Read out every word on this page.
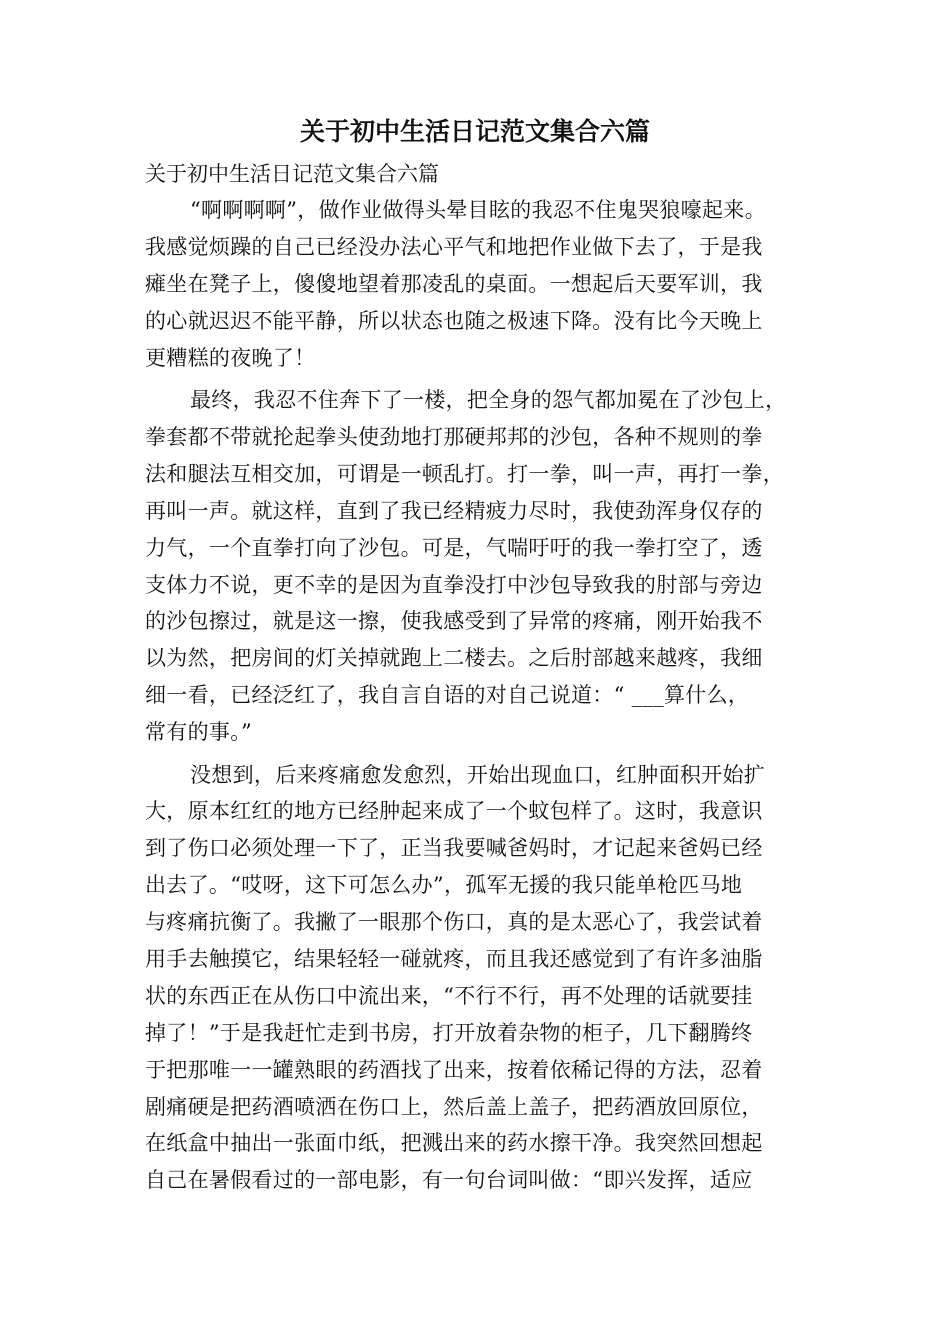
关于初中生活日记范文集合六篇
关于初中生活日记范文集合六篇
“啊啊啊啊”，做作业做得头晕目眩的我忍不住鬼哭狼嚎起来。
我感觉烦躁的自己已经没办法心平气和地把作业做下去了，于是我
瘫坐在凳子上，傻傻地望着那凌乱的桌面。一想起后天要军训，我
的心就迟迟不能平静，所以状态也随之极速下降。没有比今天晚上
更糟糕的夜晚了！
最终，我忍不住奔下了一楼，把全身的怨气都加冕在了沙包上，
拳套都不带就抡起拳头使劲地打那硬邦邦的沙包，各种不规则的拳
法和腿法互相交加，可谓是一顿乱打。打一拳，叫一声，再打一拳，
再叫一声。就这样，直到了我已经精疲力尽时，我使劲浑身仅存的
力气，一个直拳打向了沙包。可是，气喘吁吁的我一拳打空了，透
支体力不说，更不幸的是因为直拳没打中沙包导致我的肘部与旁边
的沙包擦过，就是这一擦，使我感受到了异常的疼痛，刚开始我不
以为然，把房间的灯关掉就跑上二楼去。之后肘部越来越疼，我细
细一看，已经泛红了，我自言自语的对自己说道：“ ___算什么，
常有的事。”
没想到，后来疼痛愈发愈烈，开始出现血口，红肿面积开始扩
大，原本红红的地方已经肿起来成了一个蚊包样了。这时，我意识
到了伤口必须处理一下了，正当我要喊爸妈时，才记起来爸妈已经
出去了。“哎呀，这下可怎么办”，孤军无援的我只能单枪匹马地
与疼痛抗衡了。我撇了一眼那个伤口，真的是太恶心了，我尝试着
用手去触摸它，结果轻轻一碰就疼，而且我还感觉到了有许多油脂
状的东西正在从伤口中流出来，“不行不行，再不处理的话就要挂
掉了！”于是我赶忙走到书房，打开放着杂物的柜子，几下翻腾终
于把那唯一一罐熟眼的药酒找了出来，按着依稀记得的方法，忍着
剧痛硬是把药酒喷洒在伤口上，然后盖上盖子，把药酒放回原位，
在纸盒中抽出一张面巾纸，把溅出来的药水擦干净。我突然回想起
自己在暑假看过的一部电影，有一句台词叫做：“即兴发挥，适应
